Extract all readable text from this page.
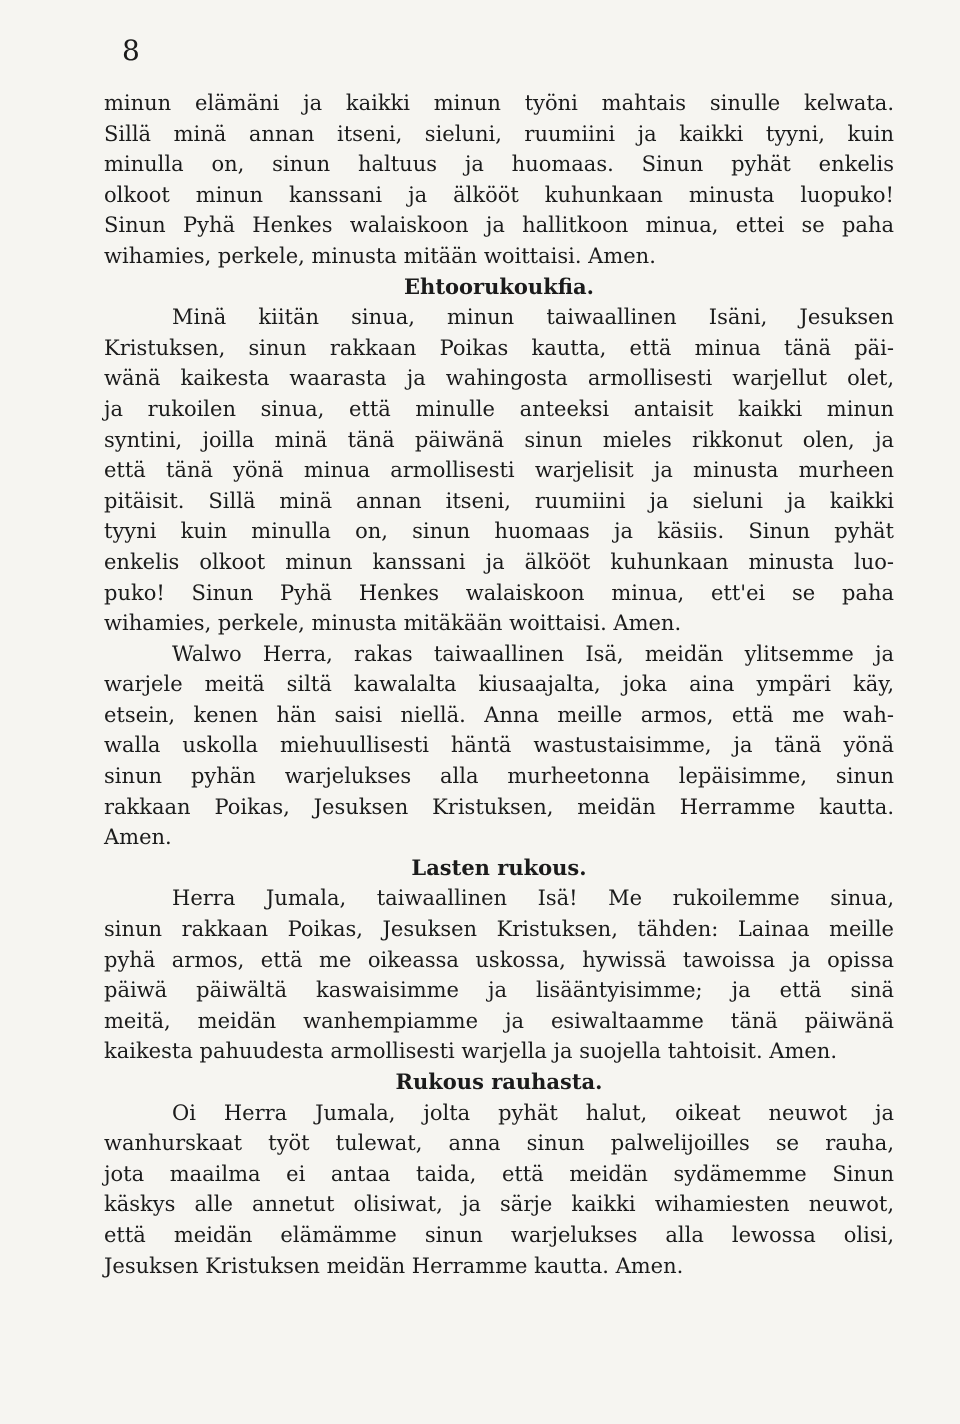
8
minun elämäni ja kaikki minun työni mahtais sinulle kelwata.
Sillä minä annan itseni, sieluni, ruumiini ja kaikki tyyni, kuin
minulla on, sinun haltuus ja huomaas. Sinun pyhät enkelis
olkoot minun kanssani ja älkööt kuhunkaan minusta luopuko!
Sinun Pyhä Henkes walaiskoon ja hallitkoon minua, ettei se paha
wihamies, perkele, minusta mitään woittaisi. Amen.
Ehtoorukoukfia.
Minä kiitän sinua, minun taiwaallinen Isäni, Jesuksen
Kristuksen, sinun rakkaan Poikas kautta, että minua tänä päi-
wänä kaikesta waarasta ja wahingosta armollisesti warjellut olet,
ja rukoilen sinua, että minulle anteeksi antaisit kaikki minun
syntini, joilla minä tänä päiwänä sinun mieles rikkonut olen, ja
että tänä yönä minua armollisesti warjelisit ja minusta murheen
pitäisit. Sillä minä annan itseni, ruumiini ja sieluni ja kaikki
tyyni kuin minulla on, sinun huomaas ja käsiis. Sinun pyhät
enkelis olkoot minun kanssani ja älkööt kuhunkaan minusta luo-
puko! Sinun Pyhä Henkes walaiskoon minua, ett'ei se paha
wihamies, perkele, minusta mitäkään woittaisi. Amen.
Walwo Herra, rakas taiwaallinen Isä, meidän ylitsemme ja
warjele meitä siltä kawalalta kiusaajalta, joka aina ympäri käy,
etsein, kenen hän saisi niellä. Anna meille armos, että me wah-
walla uskolla miehuullisesti häntä wastustaisimme, ja tänä yönä
sinun pyhän warjelukses alla murheetonna lepäisimme, sinun
rakkaan Poikas, Jesuksen Kristuksen, meidän Herramme kautta.
Amen.
Lasten rukous.
Herra Jumala, taiwaallinen Isä! Me rukoilemme sinua,
sinun rakkaan Poikas, Jesuksen Kristuksen, tähden: Lainaa meille
pyhä armos, että me oikeassa uskossa, hywissä tawoissa ja opissa
päiwä päiwältä kaswaisimme ja lisääntyisimme; ja että sinä
meitä, meidän wanhempiamme ja esiwaltaamme tänä päiwänä
kaikesta pahuudesta armollisesti warjella ja suojella tahtoisit. Amen.
Rukous rauhasta.
Oi Herra Jumala, jolta pyhät halut, oikeat neuwot ja
wanhurskaat työt tulewat, anna sinun palwelijoilles se rauha,
jota maailma ei antaa taida, että meidän sydämemme Sinun
käskys alle annetut olisiwat, ja särje kaikki wihamiesten neuwot,
että meidän elämämme sinun warjelukses alla lewossa olisi,
Jesuksen Kristuksen meidän Herramme kautta. Amen.
